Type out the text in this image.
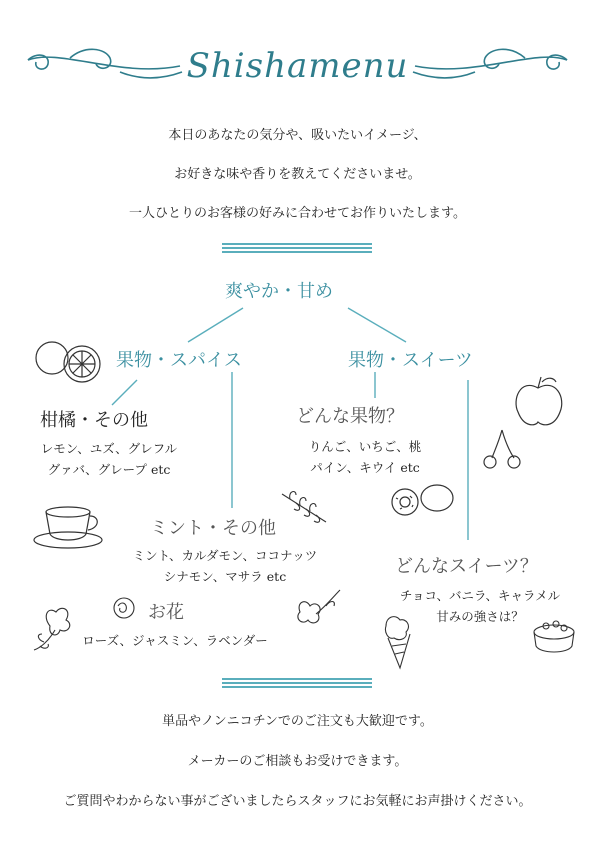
Shishamenu
本日のあなたの気分や、吸いたいイメージ、
お好きな味や香りを教えてくださいませ。
一人ひとりのお客様の好みに合わせてお作りいたします。
爽やか・甘め
果物・スパイス	果物・スイーツ
柑橘・その他
レモン、ユズ、グレフル
グァバ、グレープ etc
どんな果物？
りんご、いちご、桃
パイン、キウイ etc
ミント・その他
ミント、カルダモン、ココナッツ
シナモン、マサラ etc	どんなスイーツ？
チョコ、バニラ、キャラメル
甘みの強さは？
お花
ローズ、ジャスミン、ラベンダー
単品やノンニコチンでのご注文も大歓迎です。
メーカーのご相談もお受けできます。
ご質問やわからない事がございましたらスタッフにお気軽にお声掛けください。
